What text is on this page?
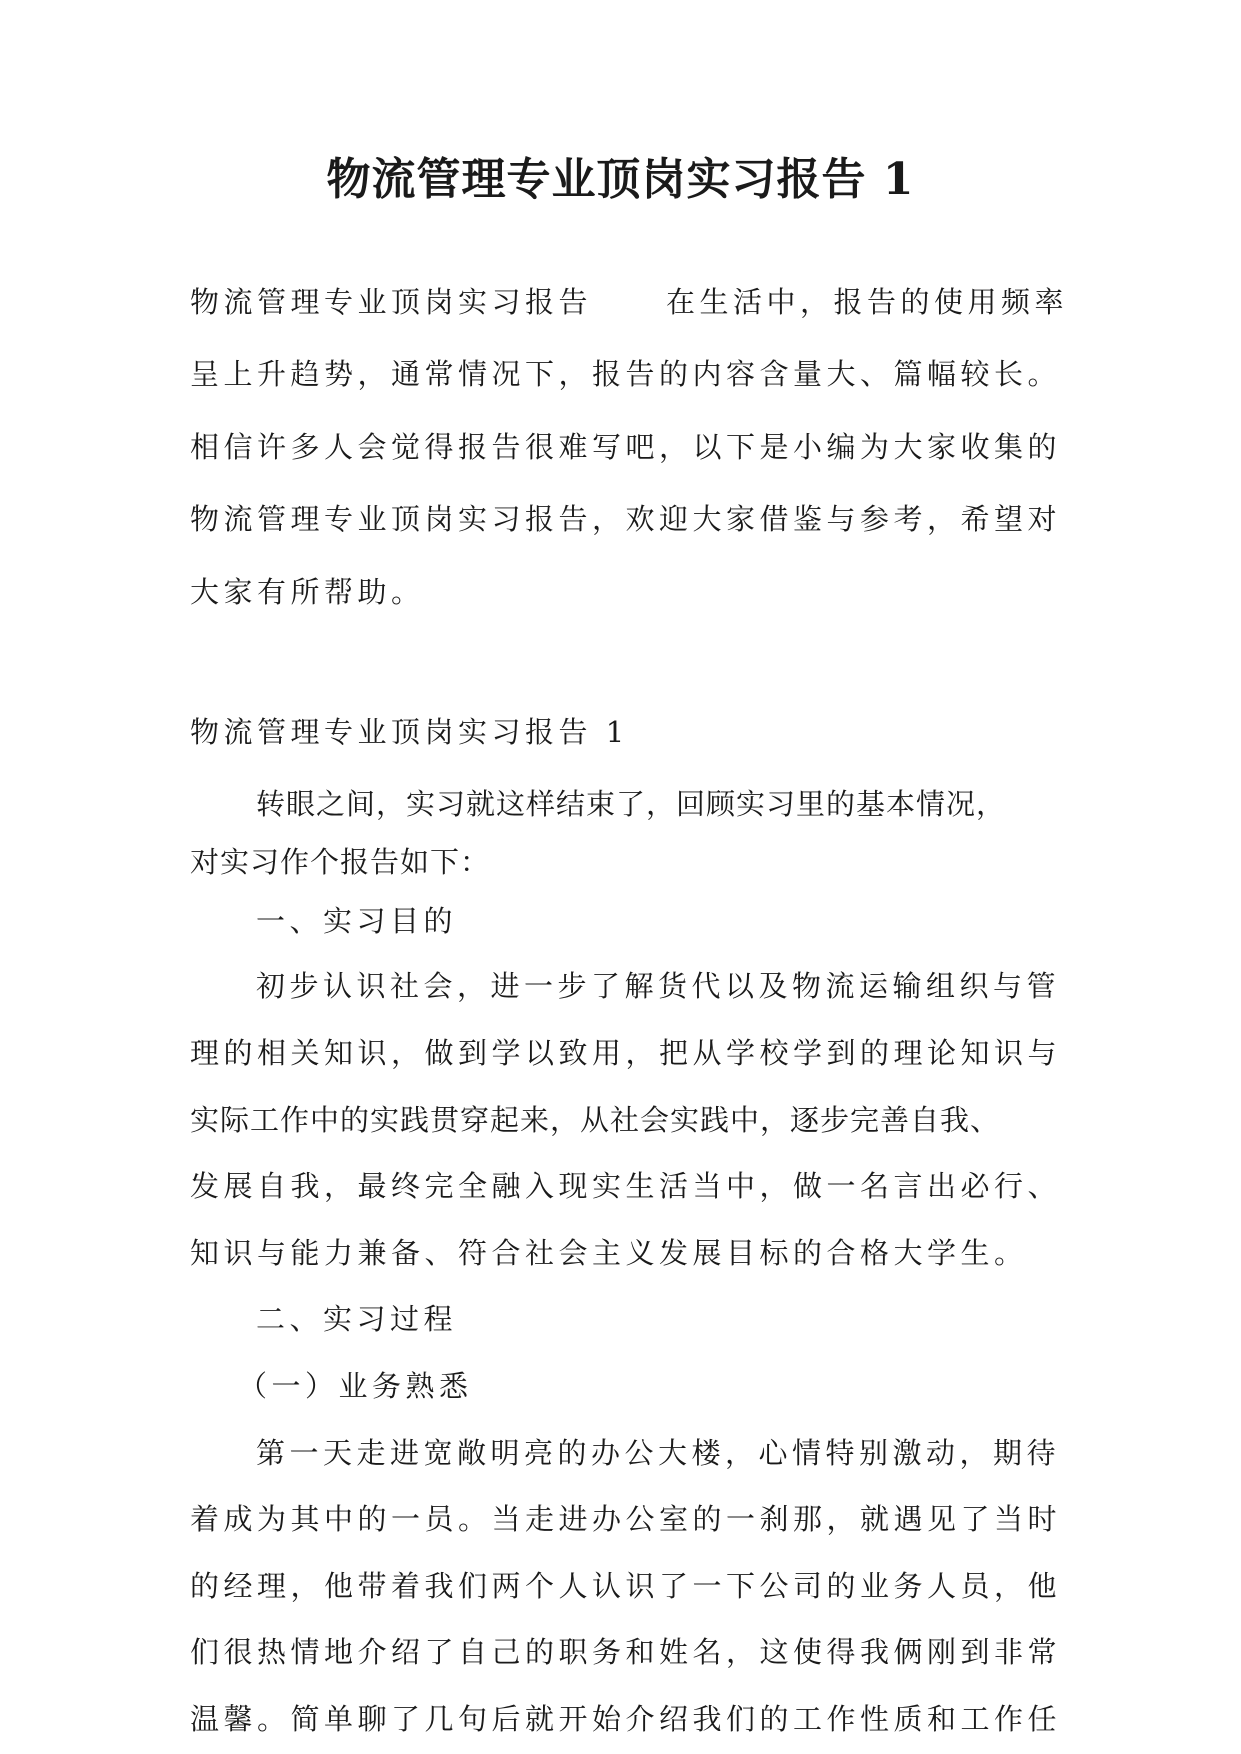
物流管理专业顶岗实习报告 1
物流管理专业顶岗实习报告	在生活中，报告的使用频率
呈上升趋势，通常情况下，报告的内容含量大、篇幅较长。
相信许多人会觉得报告很难写吧，以下是小编为大家收集的
物流管理专业顶岗实习报告，欢迎大家借鉴与参考，希望对
大家有所帮助。
物流管理专业顶岗实习报告 1
转眼之间，实习就这样结束了，回顾实习里的基本情况，
对实习作个报告如下：
一、实习目的
初步认识社会，进一步了解货代以及物流运输组织与管
理的相关知识，做到学以致用，把从学校学到的理论知识与
实际工作中的实践贯穿起来，从社会实践中，逐步完善自我、
发展自我，最终完全融入现实生活当中，做一名言出必行、
知识与能力兼备、符合社会主义发展目标的合格大学生。
二、实习过程
（一）业务熟悉
第一天走进宽敞明亮的办公大楼，心情特别激动，期待
着成为其中的一员。当走进办公室的一刹那，就遇见了当时
的经理，他带着我们两个人认识了一下公司的业务人员，他
们很热情地介绍了自己的职务和姓名，这使得我俩刚到非常
温馨。简单聊了几句后就开始介绍我们的工作性质和工作任
